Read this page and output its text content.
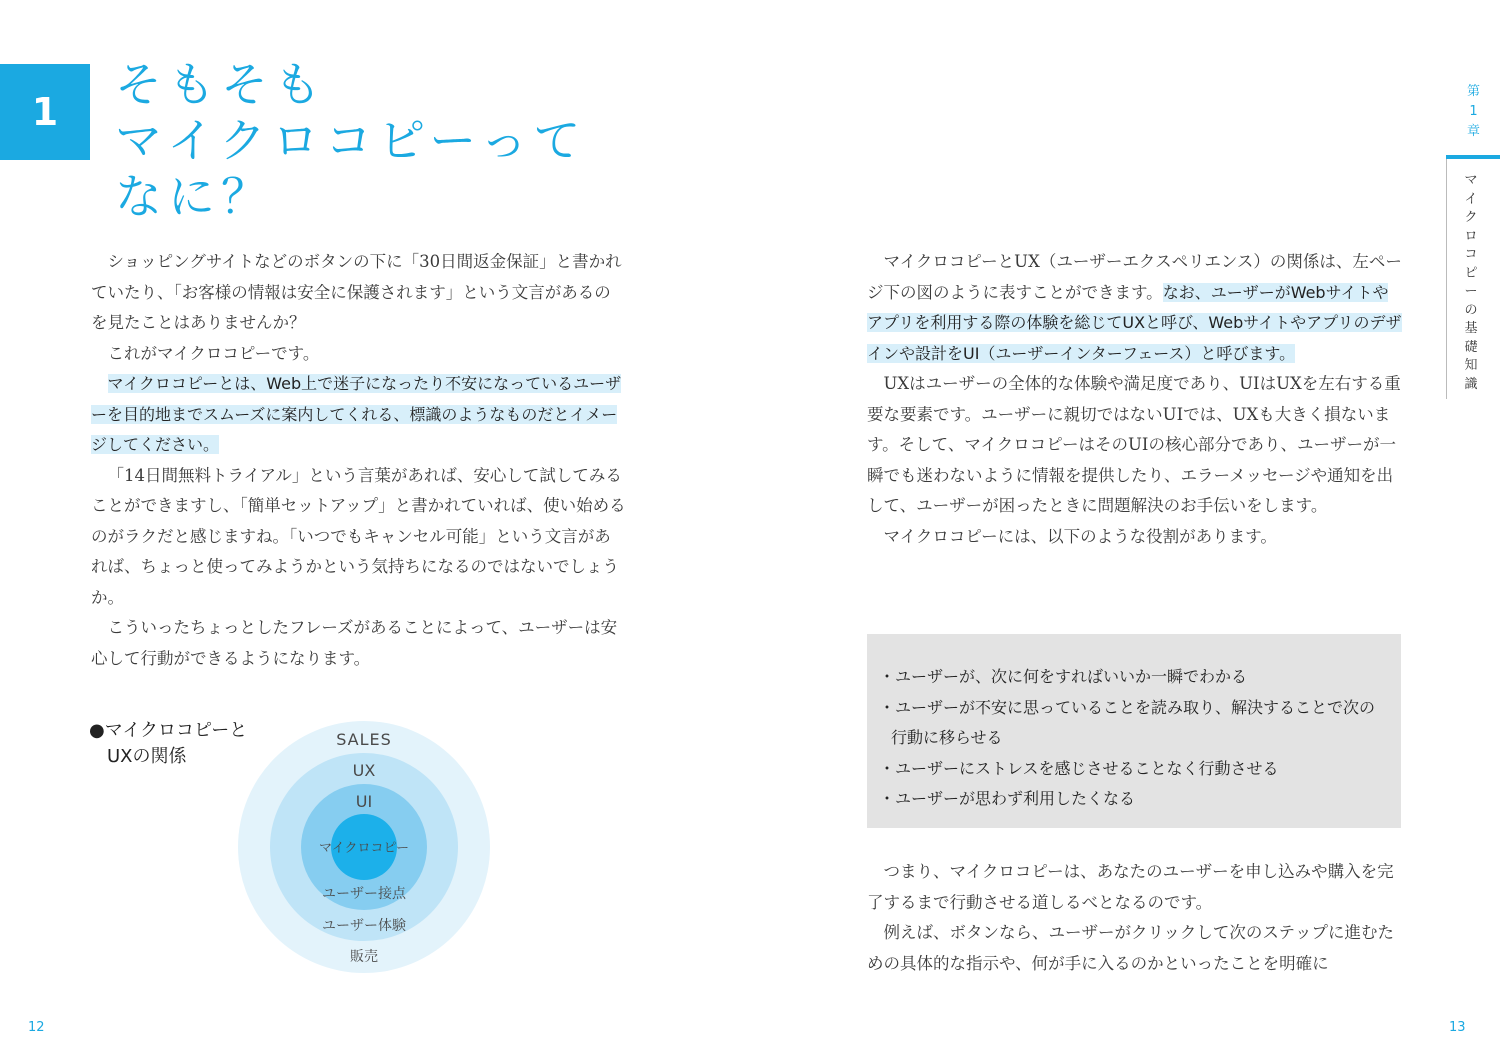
1	そもそも
マイクロコピーって
なに？

ショッピングサイトなどのボタンの下に「30日間返金保証」と書かれていたり、「お客様の情報は安全に保護されます」という文言があるのを見たことはありませんか？

これがマイクロコピーです。

マイクロコピーとは、Web上で迷子になったり不安になっているユーザーを目的地までスムーズに案内してくれる、標識のようなものだとイメージしてください。

「14日間無料トライアル」という言葉があれば、安心して試してみることができますし、「簡単セットアップ」と書かれていれば、使い始めるのがラクだと感じますね。「いつでもキャンセル可能」という文言があれば、ちょっと使ってみようかという気持ちになるのではないでしょうか。

こういったちょっとしたフレーズがあることによって、ユーザーは安心して行動ができるようになります。

●マイクロコピーと
UXの関係
SALES
UX
UI
マイクロコピー
ユーザー接点
ユーザー体験
販売

マイクロコピーとUX（ユーザーエクスペリエンス）の関係は、左ページ下の図のように表すことができます。なお、ユーザーがWebサイトやアプリを利用する際の体験を総じてUXと呼び、Webサイトやアプリのデザインや設計をUI（ユーザーインターフェース）と呼びます。

UXはユーザーの全体的な体験や満足度であり、UIはUXを左右する重要な要素です。ユーザーに親切ではないUIでは、UXも大きく損ないます。そして、マイクロコピーはそのUIの核心部分であり、ユーザーが一瞬でも迷わないように情報を提供したり、エラーメッセージや通知を出して、ユーザーが困ったときに問題解決のお手伝いをします。

マイクロコピーには、以下のような役割があります。

・ユーザーが、次に何をすればいいか一瞬でわかる
・ユーザーが不安に思っていることを読み取り、解決することで次の行動に移らせる
・ユーザーにストレスを感じさせることなく行動させる
・ユーザーが思わず利用したくなる

つまり、マイクロコピーは、あなたのユーザーを申し込みや購入を完了するまで行動させる道しるべとなるのです。

例えば、ボタンなら、ユーザーがクリックして次のステップに進むための具体的な指示や、何が手に入るのかといったことを明確に

第
1
章
マ
イ
ク
ロ
コ
ピ
ー
の
基
礎
知
識
12	13
